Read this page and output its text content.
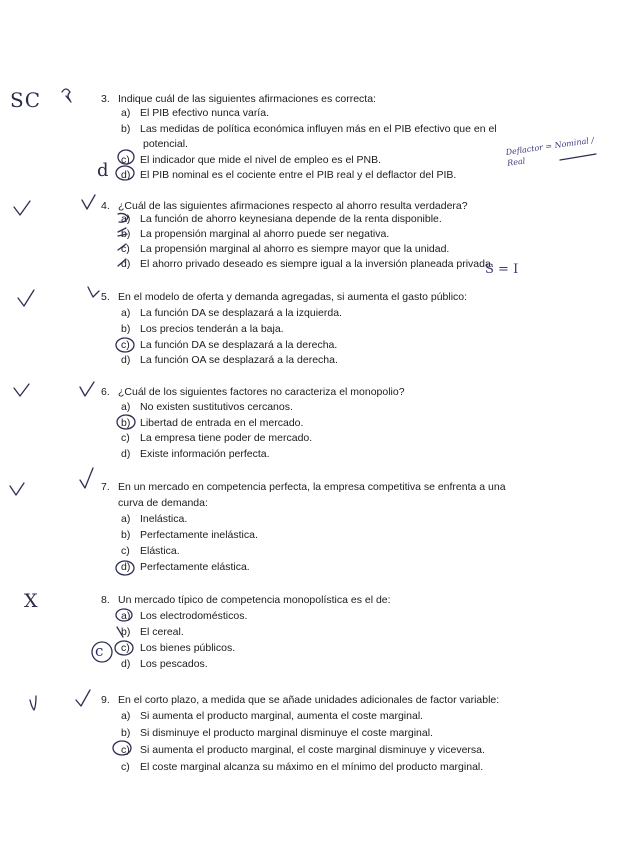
3. Indique cuál de las siguientes afirmaciones es correcta:
a) El PIB efectivo nunca varía.
b) Las medidas de política económica influyen más en el PIB efectivo que en el
potencial.
c) El indicador que mide el nivel de empleo es el PNB.
d) El PIB nominal es el cociente entre el PIB real y el deflactor del PIB.
4. ¿Cuál de las siguientes afirmaciones respecto al ahorro resulta verdadera?
a) La función de ahorro keynesiana depende de la renta disponible.
b) La propensión marginal al ahorro puede ser negativa.
c) La propensión marginal al ahorro es siempre mayor que la unidad.
d) El ahorro privado deseado es siempre igual a la inversión planeada privada.
5. En el modelo de oferta y demanda agregadas, si aumenta el gasto público:
a) La función DA se desplazará a la izquierda.
b) Los precios tenderán a la baja.
c) La función DA se desplazará a la derecha.
d) La función OA se desplazará a la derecha.
6. ¿Cuál de los siguientes factores no caracteriza el monopolio?
a) No existen sustitutivos cercanos.
b) Libertad de entrada en el mercado.
c) La empresa tiene poder de mercado.
d) Existe información perfecta.
7. En un mercado en competencia perfecta, la empresa competitiva se enfrenta a una
curva de demanda:
a) Inelástica.
b) Perfectamente inelástica.
c) Elástica.
d) Perfectamente elástica.
8. Un mercado típico de competencia monopolística es el de:
a) Los electrodomésticos.
b) El cereal.
c) Los bienes públicos.
d) Los pescados.
9. En el corto plazo, a medida que se añade unidades adicionales de factor variable:
a) Si aumenta el producto marginal, aumenta el coste marginal.
b) Si disminuye el producto marginal disminuye el coste marginal.
c) Si aumenta el producto marginal, el coste marginal disminuye y viceversa.
c) El coste marginal alcanza su máximo en el mínimo del producto marginal.
SC
d
Deflactor = Nominal / Real
S = I
X
c
